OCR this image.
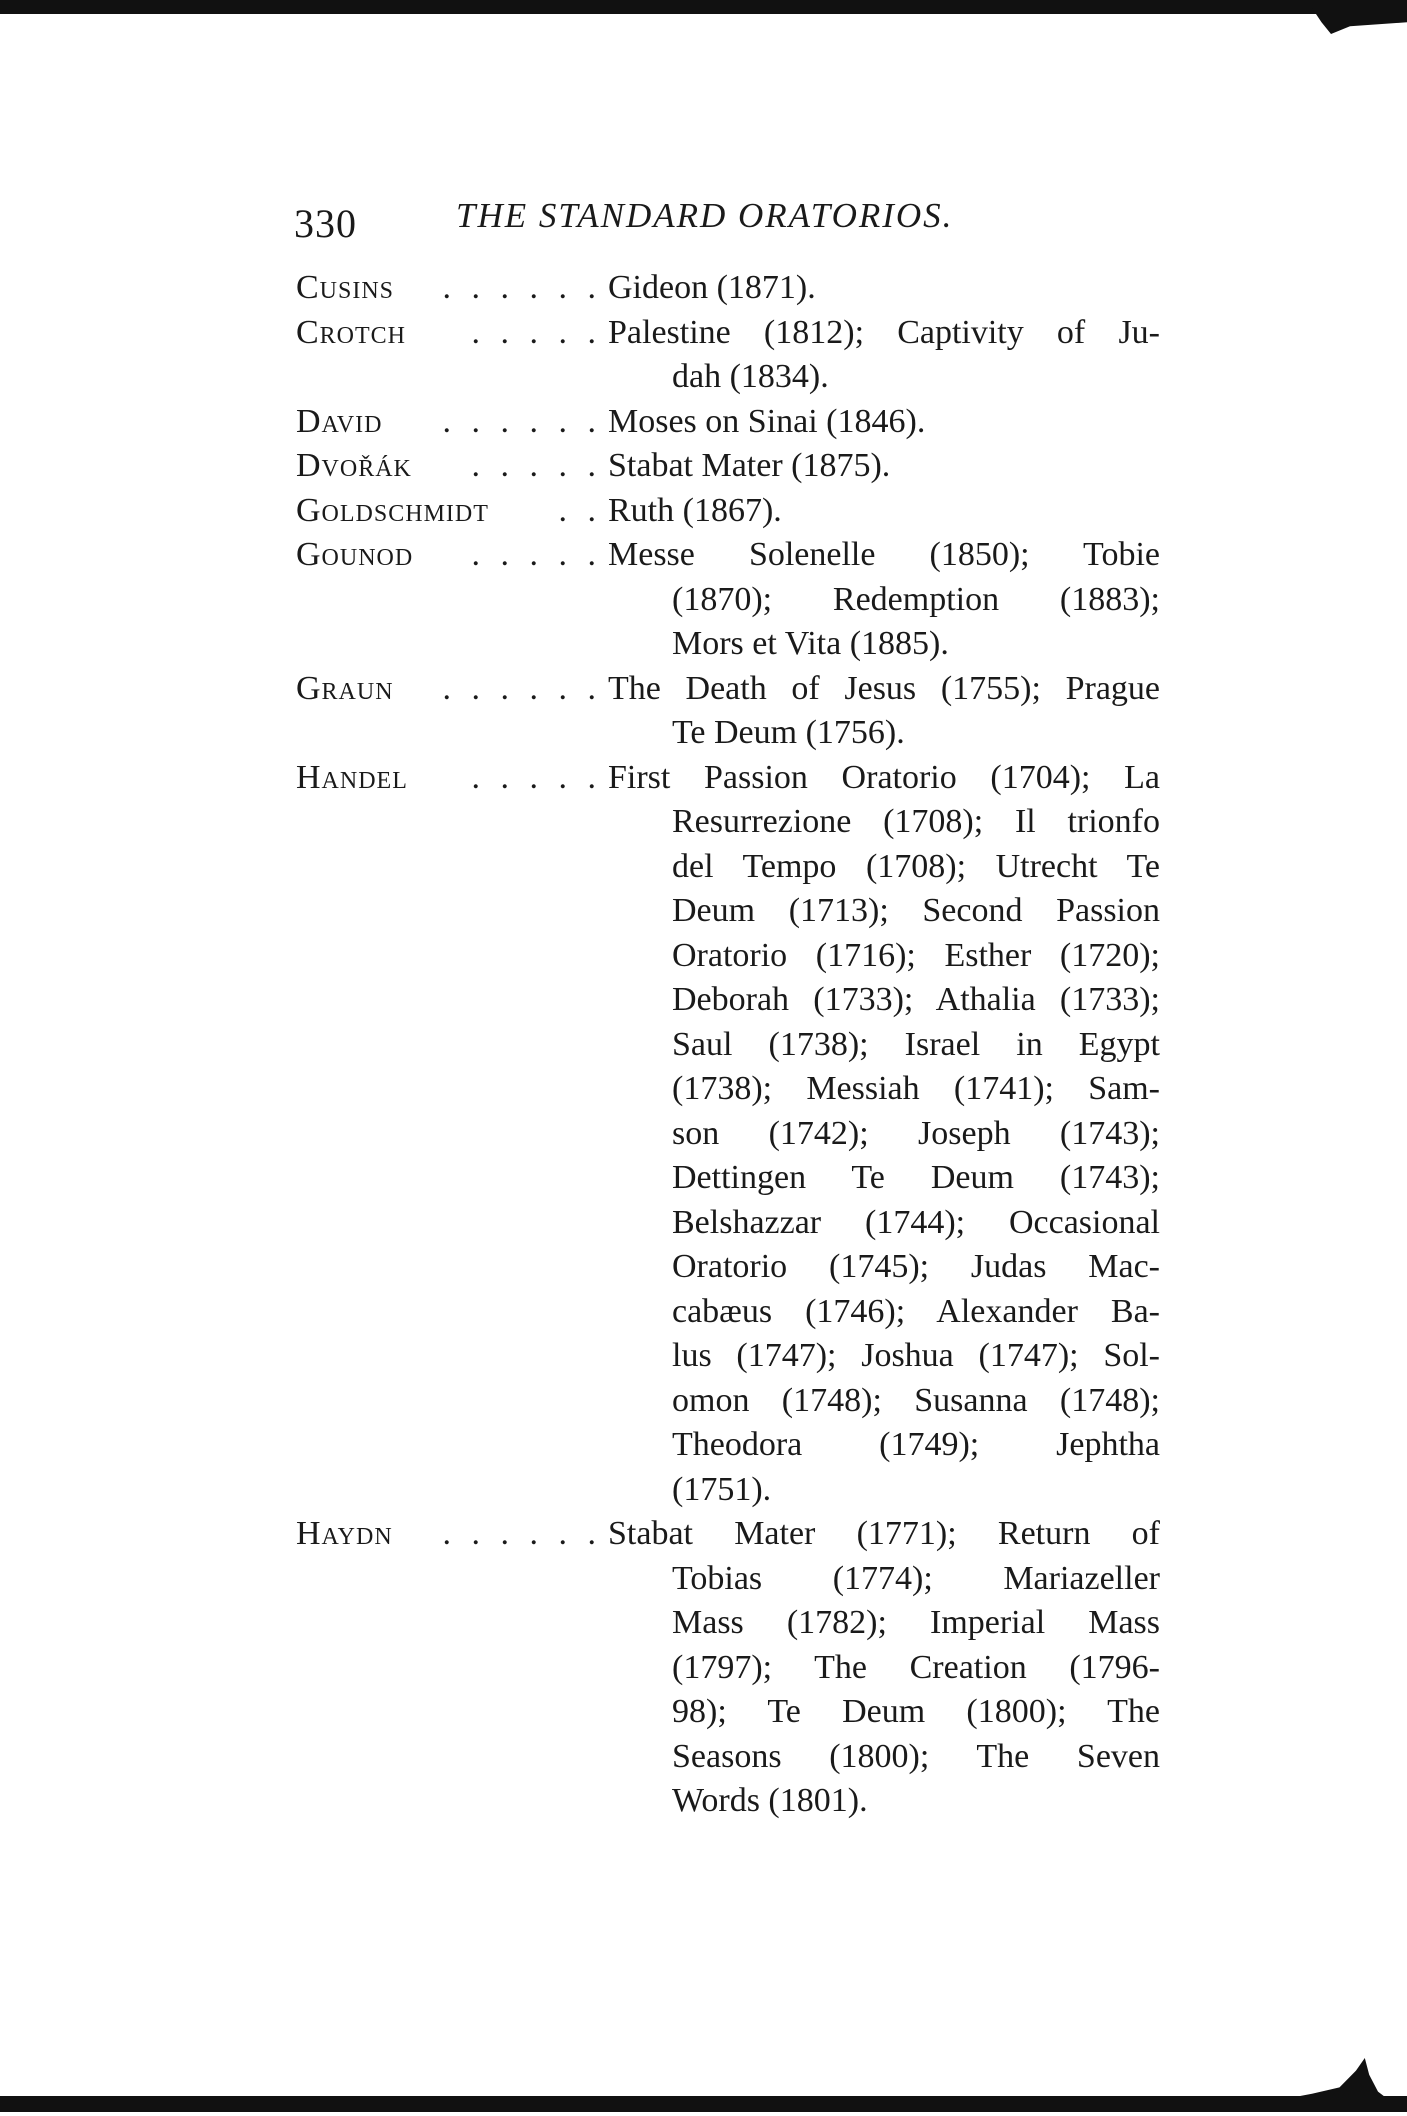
330	THE STANDARD ORATORIOS.
Cusins	. . . . . . Gideon (1871).
Crotch	. . . . . Palestine (1812); Captivity of Ju-
dah (1834).
David	. . . . . . Moses on Sinai (1846).
Dvořák	. . . . . Stabat Mater (1875).
Goldschmidt	. . Ruth (1867).
Gounod	. . . . . Messe Solenelle (1850); Tobie
(1870); Redemption (1883);
Mors et Vita (1885).
Graun	. . . . . . The Death of Jesus (1755); Prague
Te Deum (1756).
Handel	. . . . . First Passion Oratorio (1704); La
Resurrezione (1708); Il trionfo
del Tempo (1708); Utrecht Te
Deum (1713); Second Passion
Oratorio (1716); Esther (1720);
Deborah (1733); Athalia (1733);
Saul (1738); Israel in Egypt
(1738); Messiah (1741); Sam-
son (1742); Joseph (1743);
Dettingen Te Deum (1743);
Belshazzar (1744); Occasional
Oratorio (1745); Judas Mac-
cabæus (1746); Alexander Ba-
lus (1747); Joshua (1747); Sol-
omon (1748); Susanna (1748);
Theodora (1749); Jephtha
(1751).
Haydn	. . . . . . Stabat Mater (1771); Return of
Tobias (1774); Mariazeller
Mass (1782); Imperial Mass
(1797); The Creation (1796-
98); Te Deum (1800); The
Seasons (1800); The Seven
Words (1801).
